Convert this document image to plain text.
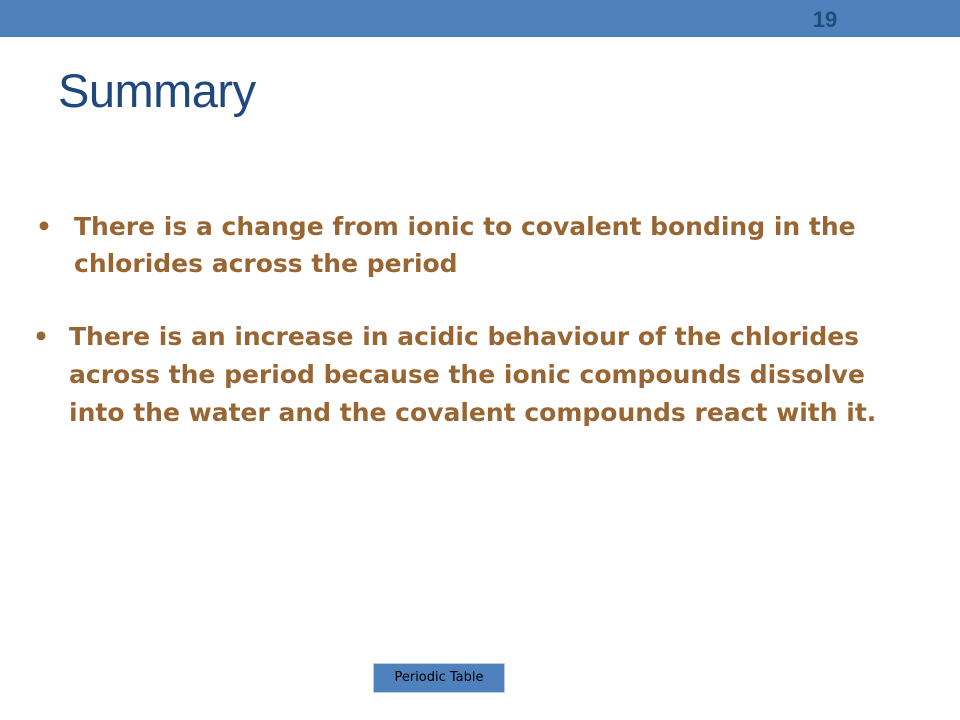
19
Summary
• There is a change from ionic to covalent bonding in the chlorides across the period
• There is an increase in acidic behaviour of the chlorides across the period because the ionic compounds dissolve into the water and the covalent compounds react with it.
Periodic Table
